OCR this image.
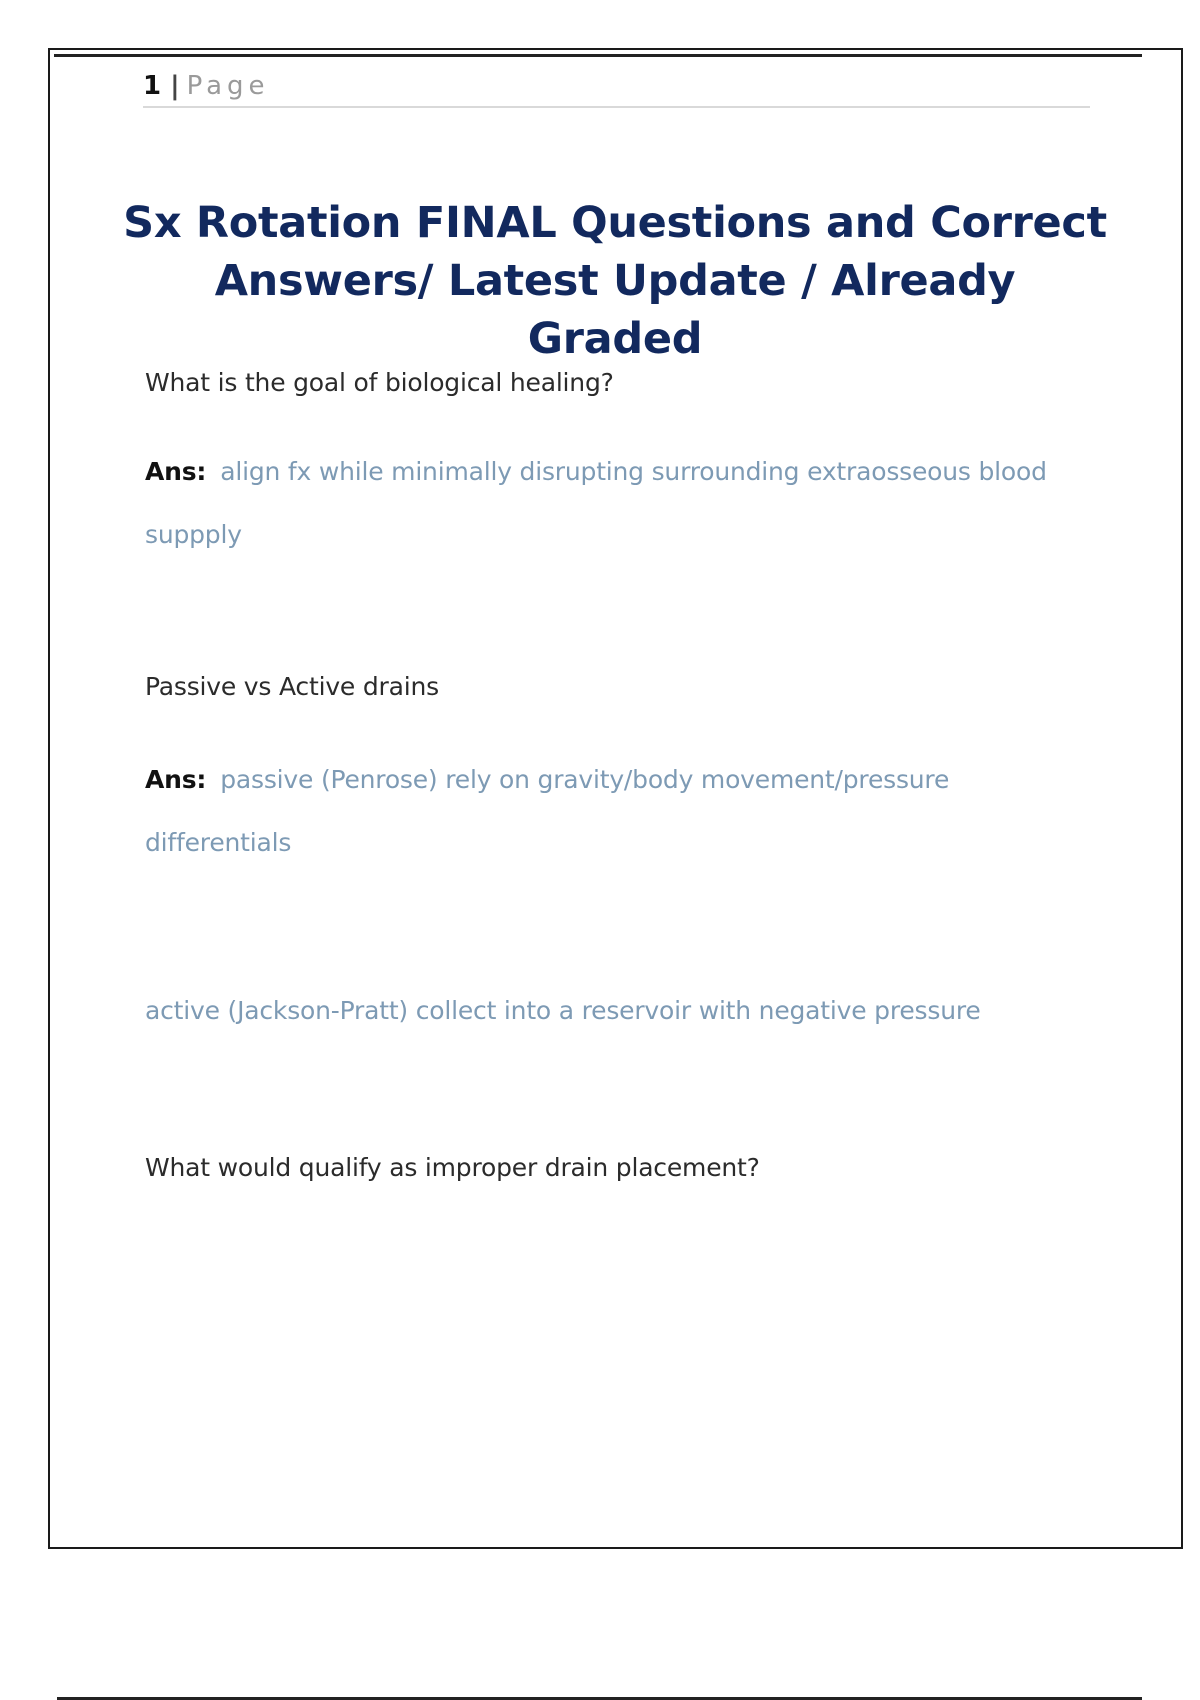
1 | Page
Sx Rotation FINAL Questions and Correct
Answers/ Latest Update / Already
Graded
What is the goal of biological healing?
Ans: align fx while minimally disrupting surrounding extraosseous blood
suppply
Passive vs Active drains
Ans: passive (Penrose) rely on gravity/body movement/pressure
differentials
active (Jackson-Pratt) collect into a reservoir with negative pressure
What would qualify as improper drain placement?
